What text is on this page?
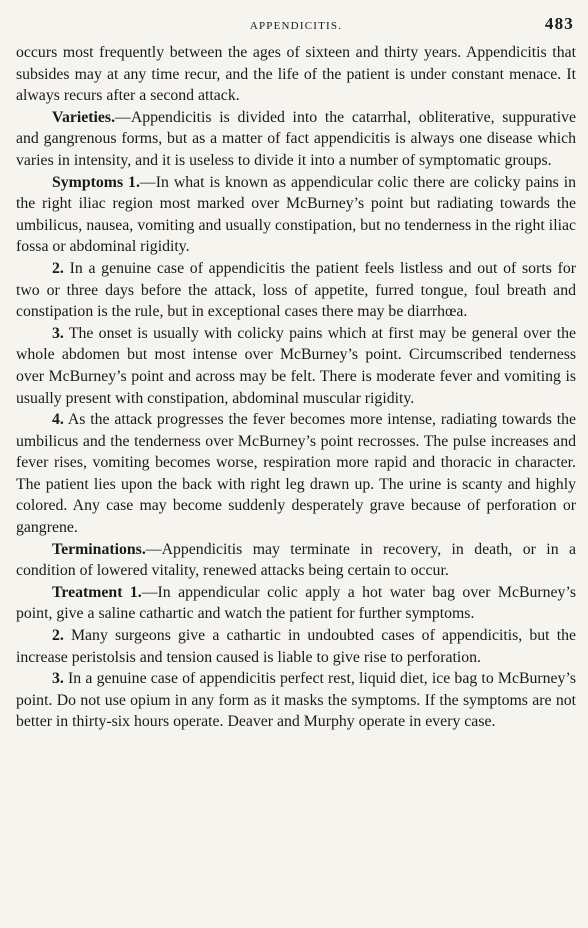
APPENDICITIS.	483

occurs most frequently between the ages of sixteen and thirty years. Appendicitis that subsides may at any time recur, and the life of the patient is under constant menace. It always recurs after a second attack.

Varieties.—Appendicitis is divided into the catarrhal, obliterative, suppurative and gangrenous forms, but as a matter of fact appendicitis is always one disease which varies in intensity, and it is useless to divide it into a number of symptomatic groups.

Symptoms 1.—In what is known as appendicular colic there are colicky pains in the right iliac region most marked over McBurney’s point but radiating towards the umbilicus, nausea, vomiting and usually constipation, but no tenderness in the right iliac fossa or abdominal rigidity.

2. In a genuine case of appendicitis the patient feels listless and out of sorts for two or three days before the attack, loss of appetite, furred tongue, foul breath and constipation is the rule, but in exceptional cases there may be diarrhœa.

3. The onset is usually with colicky pains which at first may be general over the whole abdomen but most intense over McBurney’s point. Circumscribed tenderness over McBurney’s point and across may be felt. There is moderate fever and vomiting is usually present with constipation, abdominal muscular rigidity.

4. As the attack progresses the fever becomes more intense, radiating towards the umbilicus and the tenderness over McBurney’s point recrosses. The pulse increases and fever rises, vomiting becomes worse, respiration more rapid and thoracic in character. The patient lies upon the back with right leg drawn up. The urine is scanty and highly colored. Any case may become suddenly desperately grave because of perforation or gangrene.

Terminations.—Appendicitis may terminate in recovery, in death, or in a condition of lowered vitality, renewed attacks being certain to occur.

Treatment 1.—In appendicular colic apply a hot water bag over McBurney’s point, give a saline cathartic and watch the patient for further symptoms.

2. Many surgeons give a cathartic in undoubted cases of appendicitis, but the increase peristolsis and tension caused is liable to give rise to perforation.

3. In a genuine case of appendicitis perfect rest, liquid diet, ice bag to McBurney’s point. Do not use opium in any form as it masks the symptoms. If the symptoms are not better in thirty-six hours operate. Deaver and Murphy operate in every case.
